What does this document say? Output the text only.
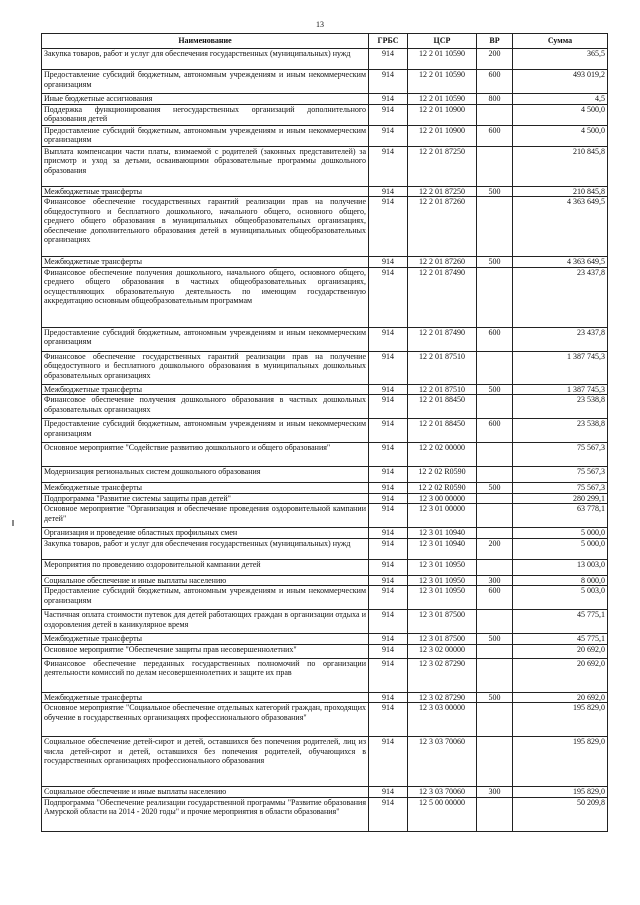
13
Наименование	ГРБС	ЦСР	ВР	Сумма
Закупка товаров, работ и услуг для обеспечения государственных (муниципальных) нужд	914	12 2 01 10590	200	365,5
Предоставление субсидий бюджетным, автономным учреждениям и иным некоммерческим организациям	914	12 2 01 10590	600	493 019,2
Иные бюджетные ассигнования	914	12 2 01 10590	800	4,5
Поддержка функционирования негосударственных организаций дополнительного образования детей	914	12 2 01 10900		4 500,0
Предоставление субсидий бюджетным, автономным учреждениям и иным некоммерческим организациям	914	12 2 01 10900	600	4 500,0
Выплата компенсации части платы, взимаемой с родителей (законных представителей) за присмотр и уход за детьми, осваивающими образовательные программы дошкольного образования	914	12 2 01 87250		210 845,8
Межбюджетные трансферты	914	12 2 01 87250	500	210 845,8
Финансовое обеспечение государственных гарантий реализации прав на получение общедоступного и бесплатного дошкольного, начального общего, основного общего, среднего общего образования в муниципальных общеобразовательных организациях, обеспечение дополнительного образования детей в муниципальных общеобразовательных организациях	914	12 2 01 87260		4 363 649,5
Межбюджетные трансферты	914	12 2 01 87260	500	4 363 649,5
Финансовое обеспечение получения дошкольного, начального общего, основного общего, среднего общего образования в частных общеобразовательных организациях, осуществляющих образовательную деятельность по имеющим государственную аккредитацию основным общеобразовательным программам	914	12 2 01 87490		23 437,8
Предоставление субсидий бюджетным, автономным учреждениям и иным некоммерческим организациям	914	12 2 01 87490	600	23 437,8
Финансовое обеспечение государственных гарантий реализации прав на получение общедоступного и бесплатного дошкольного образования в муниципальных дошкольных образовательных организациях	914	12 2 01 87510		1 387 745,3
Межбюджетные трансферты	914	12 2 01 87510	500	1 387 745,3
Финансовое обеспечение получения дошкольного образования в частных дошкольных образовательных организациях	914	12 2 01 88450		23 538,8
Предоставление субсидий бюджетным, автономным учреждениям и иным некоммерческим организациям	914	12 2 01 88450	600	23 538,8
Основное мероприятие "Содействие развитию дошкольного и общего образования"	914	12 2 02 00000		75 567,3
Модернизация региональных систем дошкольного образования	914	12 2 02 R0590		75 567,3
Межбюджетные трансферты	914	12 2 02 R0590	500	75 567,3
Подпрограмма "Развитие системы защиты прав детей"	914	12 3 00 00000		280 299,1
Основное мероприятие "Организация и обеспечение проведения оздоровительной кампании детей"	914	12 3 01 00000		63 778,1
Организация и проведение областных профильных смен	914	12 3 01 10940		5 000,0
Закупка товаров, работ и услуг для обеспечения государственных (муниципальных) нужд	914	12 3 01 10940	200	5 000,0
Мероприятия по проведению оздоровительной кампании детей	914	12 3 01 10950		13 003,0
Социальное обеспечение и иные выплаты населению	914	12 3 01 10950	300	8 000,0
Предоставление субсидий бюджетным, автономным учреждениям и иным некоммерческим организациям	914	12 3 01 10950	600	5 003,0
Частичная оплата стоимости путевок для детей работающих граждан в организации отдыха и оздоровления детей в каникулярное время	914	12 3 01 87500		45 775,1
Межбюджетные трансферты	914	12 3 01 87500	500	45 775,1
Основное мероприятие "Обеспечение защиты прав несовершеннолетних"	914	12 3 02 00000		20 692,0
Финансовое обеспечение переданных государственных полномочий по организации деятельности комиссий по делам несовершеннолетних и защите их прав	914	12 3 02 87290		20 692,0
Межбюджетные трансферты	914	12 3 02 87290	500	20 692,0
Основное мероприятие "Социальное обеспечение отдельных категорий граждан, проходящих обучение в государственных организациях профессионального образования"	914	12 3 03 00000		195 829,0
Социальное обеспечение детей-сирот и детей, оставшихся без попечения родителей, лиц из числа детей-сирот и детей, оставшихся без попечения родителей, обучающихся в государственных организациях профессионального образования	914	12 3 03 70060		195 829,0
Социальное обеспечение и иные выплаты населению	914	12 3 03 70060	300	195 829,0
Подпрограмма "Обеспечение реализации государственной программы "Развитие образования Амурской области на 2014 - 2020 годы" и прочие мероприятия в области образования"	914	12 5 00 00000		50 209,8
